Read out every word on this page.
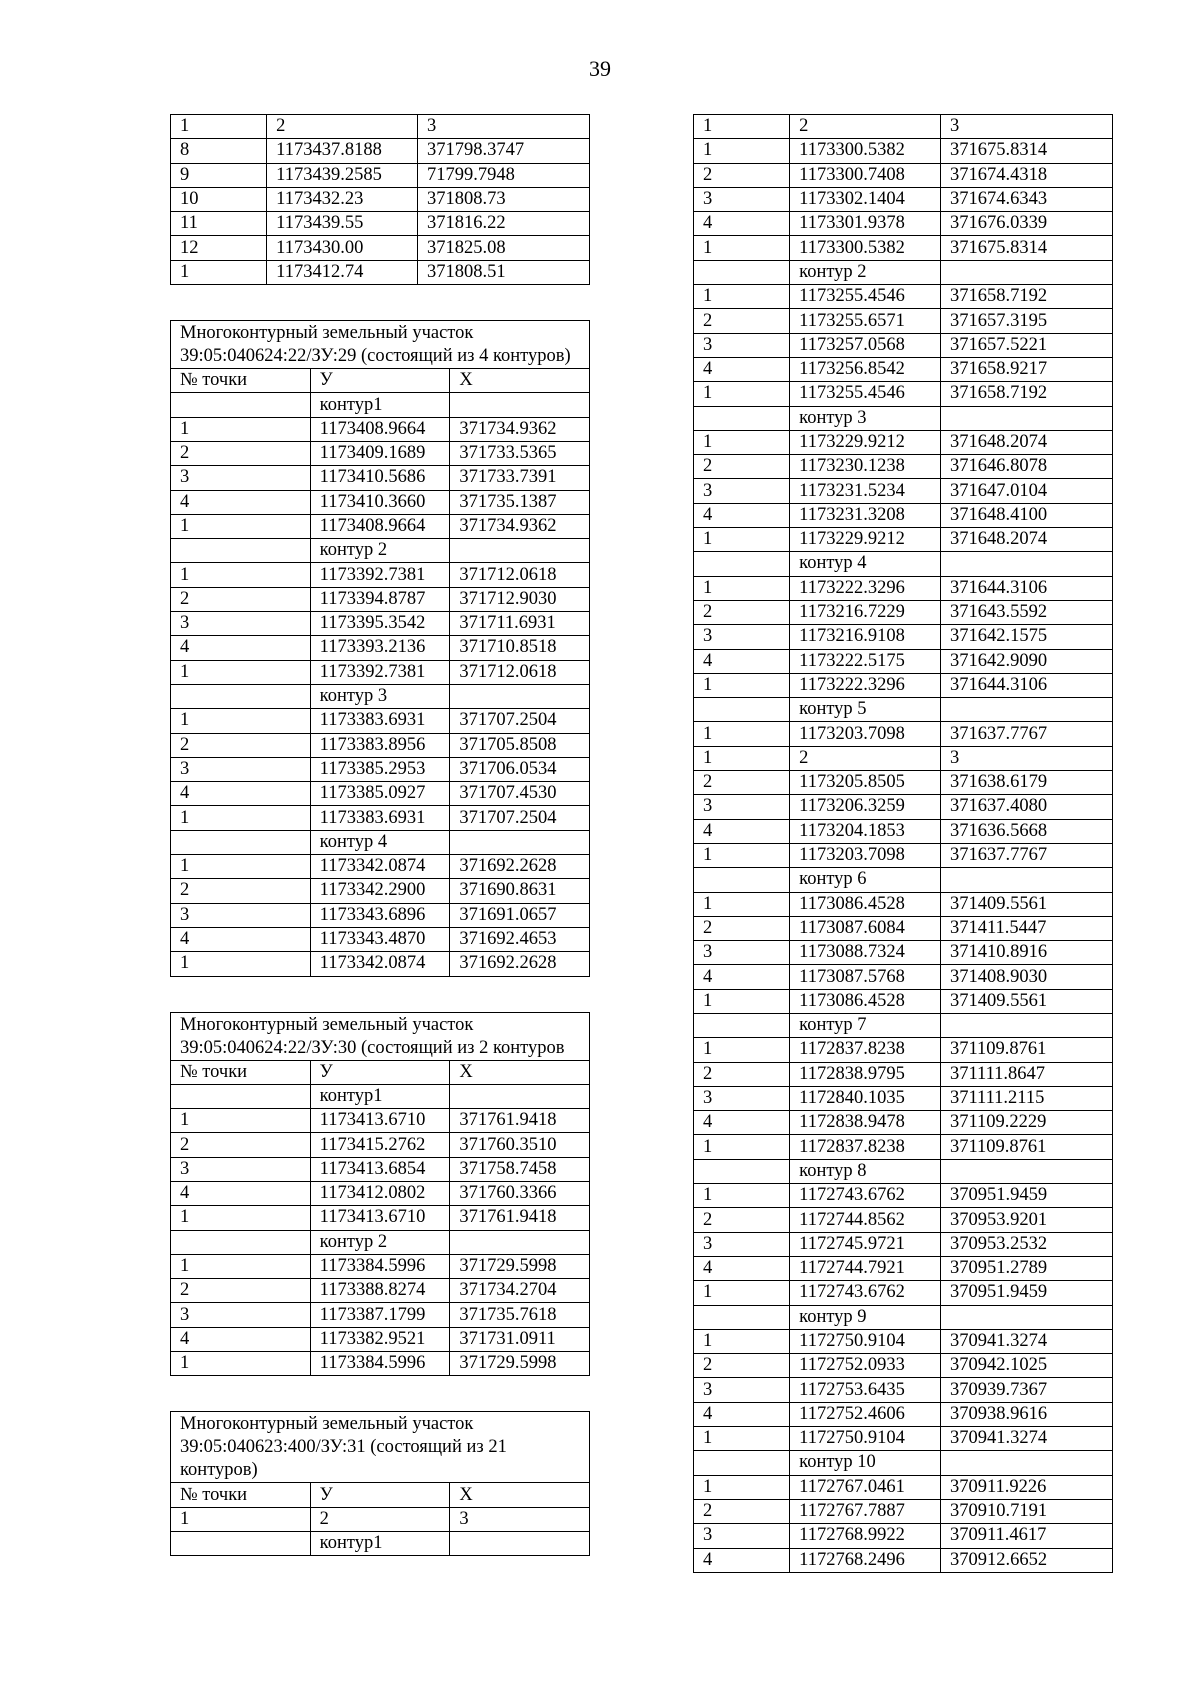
39
1	2	3
8	1173437.8188	371798.3747
9	1173439.2585	71799.7948
10	1173432.23	371808.73
11	1173439.55	371816.22
12	1173430.00	371825.08
1	1173412.74	371808.51
Многоконтурный земельный участок 39:05:040624:22/ЗУ:29 (состоящий из 4 контуров)		
№ точки	У	Х
	контур1	
1	1173408.9664	371734.9362
2	1173409.1689	371733.5365
3	1173410.5686	371733.7391
4	1173410.3660	371735.1387
1	1173408.9664	371734.9362
	контур 2	
1	1173392.7381	371712.0618
2	1173394.8787	371712.9030
3	1173395.3542	371711.6931
4	1173393.2136	371710.8518
1	1173392.7381	371712.0618
	контур 3	
1	1173383.6931	371707.2504
2	1173383.8956	371705.8508
3	1173385.2953	371706.0534
4	1173385.0927	371707.4530
1	1173383.6931	371707.2504
	контур 4	
1	1173342.0874	371692.2628
2	1173342.2900	371690.8631
3	1173343.6896	371691.0657
4	1173343.4870	371692.4653
1	1173342.0874	371692.2628
Многоконтурный земельный участок 39:05:040624:22/ЗУ:30 (состоящий из 2 контуров		
№ точки	У	Х
	контур1	
1	1173413.6710	371761.9418
2	1173415.2762	371760.3510
3	1173413.6854	371758.7458
4	1173412.0802	371760.3366
1	1173413.6710	371761.9418
	контур 2	
1	1173384.5996	371729.5998
2	1173388.8274	371734.2704
3	1173387.1799	371735.7618
4	1173382.9521	371731.0911
1	1173384.5996	371729.5998
Многоконтурный земельный участок 39:05:040623:400/ЗУ:31 (состоящий из 21 контуров)		
№ точки	У	Х
1	2	3
	контур1	
1	2	3
1	1173300.5382	371675.8314
2	1173300.7408	371674.4318
3	1173302.1404	371674.6343
4	1173301.9378	371676.0339
1	1173300.5382	371675.8314
	контур 2	
1	1173255.4546	371658.7192
2	1173255.6571	371657.3195
3	1173257.0568	371657.5221
4	1173256.8542	371658.9217
1	1173255.4546	371658.7192
	контур 3	
1	1173229.9212	371648.2074
2	1173230.1238	371646.8078
3	1173231.5234	371647.0104
4	1173231.3208	371648.4100
1	1173229.9212	371648.2074
	контур 4	
1	1173222.3296	371644.3106
2	1173216.7229	371643.5592
3	1173216.9108	371642.1575
4	1173222.5175	371642.9090
1	1173222.3296	371644.3106
	контур 5	
1	1173203.7098	371637.7767
1	2	3
2	1173205.8505	371638.6179
3	1173206.3259	371637.4080
4	1173204.1853	371636.5668
1	1173203.7098	371637.7767
	контур 6	
1	1173086.4528	371409.5561
2	1173087.6084	371411.5447
3	1173088.7324	371410.8916
4	1173087.5768	371408.9030
1	1173086.4528	371409.5561
	контур 7	
1	1172837.8238	371109.8761
2	1172838.9795	371111.8647
3	1172840.1035	371111.2115
4	1172838.9478	371109.2229
1	1172837.8238	371109.8761
	контур 8	
1	1172743.6762	370951.9459
2	1172744.8562	370953.9201
3	1172745.9721	370953.2532
4	1172744.7921	370951.2789
1	1172743.6762	370951.9459
	контур 9	
1	1172750.9104	370941.3274
2	1172752.0933	370942.1025
3	1172753.6435	370939.7367
4	1172752.4606	370938.9616
1	1172750.9104	370941.3274
	контур 10	
1	1172767.0461	370911.9226
2	1172767.7887	370910.7191
3	1172768.9922	370911.4617
4	1172768.2496	370912.6652
